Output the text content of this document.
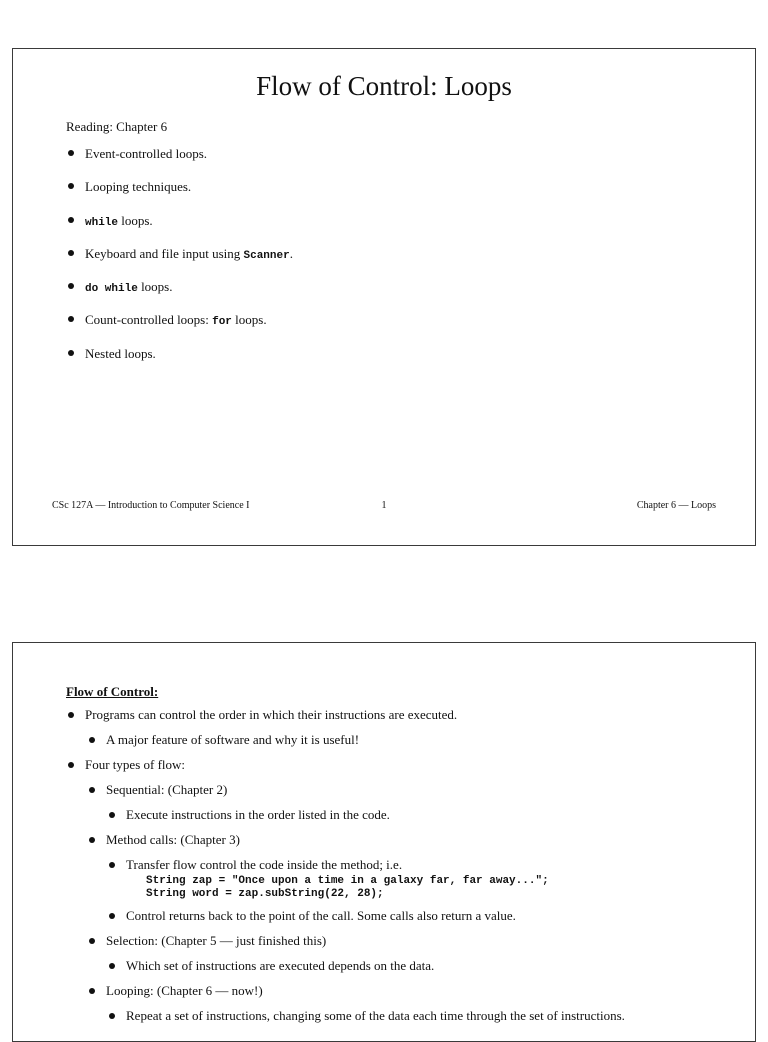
Flow of Control: Loops
Reading: Chapter 6
Event-controlled loops.
Looping techniques.
while loops.
Keyboard and file input using Scanner.
do while loops.
Count-controlled loops: for loops.
Nested loops.
CSc 127A — Introduction to Computer Science I	1	Chapter 6 — Loops
Flow of Control:
Programs can control the order in which their instructions are executed.
A major feature of software and why it is useful!
Four types of flow:
Sequential: (Chapter 2)
Execute instructions in the order listed in the code.
Method calls: (Chapter 3)
Transfer flow control the code inside the method; i.e.
String zap = "Once upon a time in a galaxy far, far away...";
String word = zap.subString(22, 28);
Control returns back to the point of the call. Some calls also return a value.
Selection: (Chapter 5 — just finished this)
Which set of instructions are executed depends on the data.
Looping: (Chapter 6 — now!)
Repeat a set of instructions, changing some of the data each time through the set of instructions.
